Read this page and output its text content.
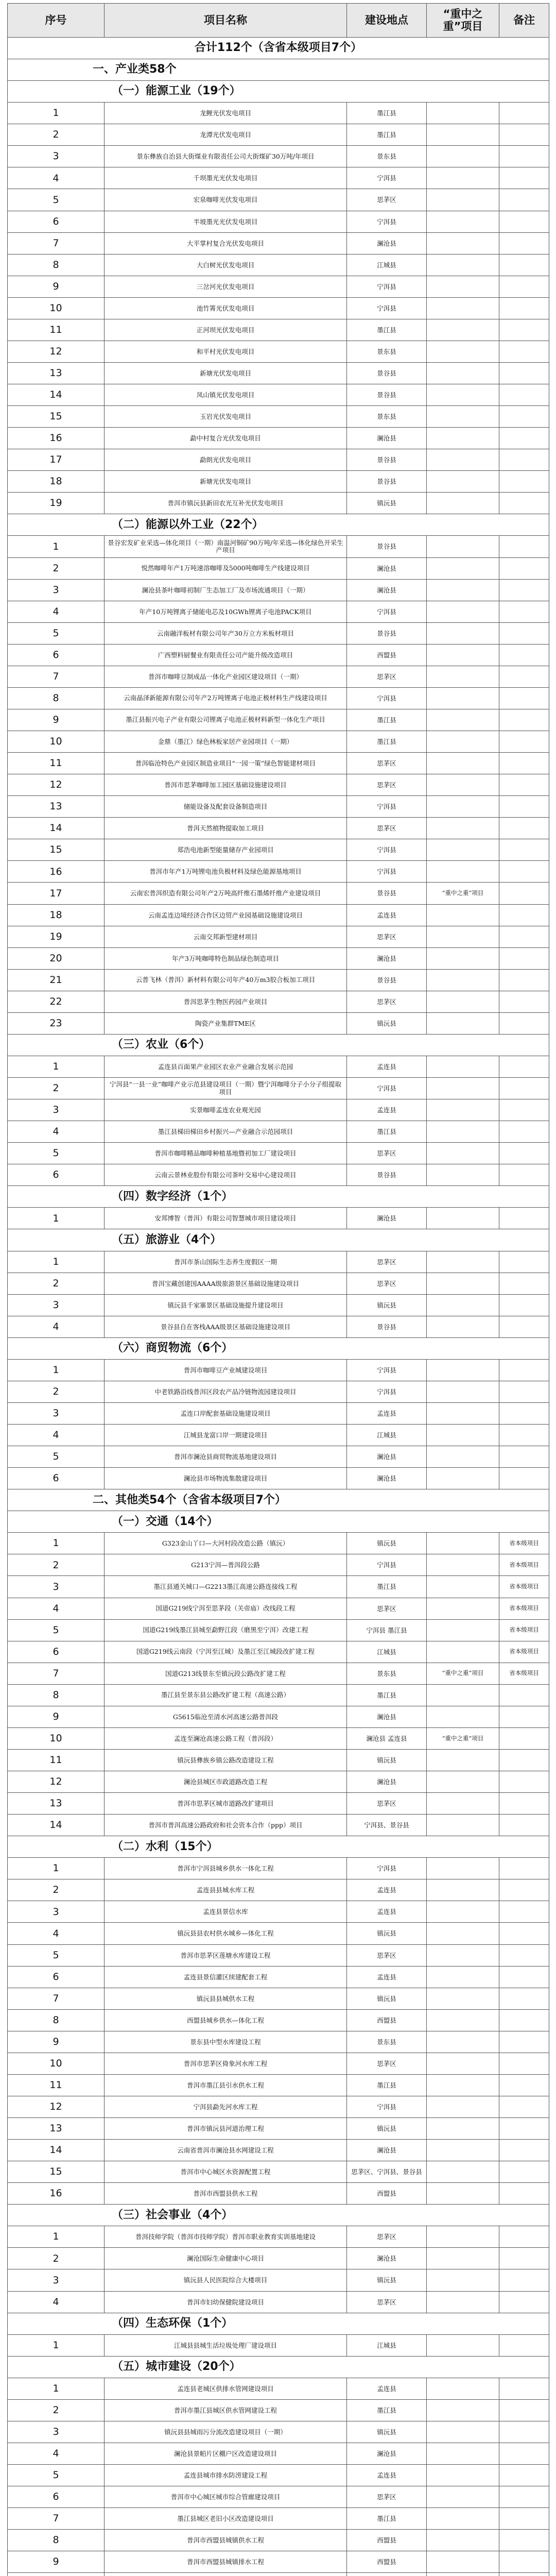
序号	项目名称	建设地点	“重中之重”项目	备注
合计112个（含省本级项目7个）				
一、产业类58个				
（一）能源工业（19个）				
1	龙鲤光伏发电项目	墨江县		
2	龙潭光伏发电项目	墨江县		
3	景东彝族自治县大街煤业有限责任公司大街煤矿30万吨/年项目	景东县		
4	千坝墨光光伏发电项目	宁洱县		
5	宏泉咖啡光伏发电项目	思茅区		
6	半坡墨光光伏发电项目	宁洱县		
7	大平掌村复合光伏发电项目	澜沧县		
8	大白树光伏发电项目	江城县		
9	三岔河光伏发电项目	宁洱县		
10	池竹箐光伏发电项目	宁洱县		
11	正河坝光伏发电项目	墨江县		
12	和平村光伏发电项目	景东县		
13	新塘光伏发电项目	景谷县		
14	凤山镇光伏发电项目	景谷县		
15	玉岩光伏发电项目	景东县		
16	勐中村复合光伏发电项目	澜沧县		
17	勐朗光伏发电项目	景谷县		
18	新塘光伏发电项目	景谷县		
19	普洱市镇沅县新田农光互补光伏发电项目	镇沅县		
（二）能源以外工业（22个）				
1	景谷宏发矿业采选—体化项目（一期）南温河铜矿90万吨/年采选—体化绿色开采生产项目	景谷县		
2	悦然咖啡年产1万吨速溶咖啡及5000吨咖啡生产线建设项目	澜沧县		
3	澜沧县茶叶咖啡初制厂生态加工厂及市场流通项目（一期）	澜沧县		
4	年产10万吨锂离子储能电芯及10GWh锂离子电池PACK项目	宁洱县		
5	云南融洋板材有限公司年产30万立方米板材项目	景谷县		
6	广西塑料厨餐业有限责任公司产能升级改造项目	西盟县		
7	普洱市咖啡豆制成品一体化产业园区建设项目（一期）	思茅区		
8	云南晶泽新能源有限公司年产2万吨锂离子电池正极材料生产线建设项目	宁洱县		
9	墨江县振兴电子产业有限公司锂离子电池正极材料新型一体化生产项目	墨江县		
10	金鼎（墨江）绿色林板家居产业园项目（一期）	墨江县		
11	普洱临沧特色产业园区制造业项目“一园一策”绿色智能建材项目	思茅区		
12	普洱市思茅咖啡加工园区基础设施建设项目	思茅区		
13	储能设备及配套设备制造项目	宁洱县		
14	普洱天然植物提取加工项目	思茅区		
15	郑浩电池新型能量储存产业园项目	宁洱县		
16	普洱市年产1万吨锂电池负极材料及绿色能源基地项目	宁洱县		
17	云南宏普洱织造有限公司年产2万吨高纤维石墨烯纤维产业建设项目	景谷县	“重中之重”项目	
18	云南孟连边境经济合作区边贸产业园基础设施建设项目	孟连县		
19	云南交邦新型建材项目	思茅区		
20	年产3万吨咖啡特色制品绿色制造项目	澜沧县		
21	云普飞林（普洱）新材料有限公司年产40万m3胶合板加工项目	景谷县		
22	普洱思茅生物医药园产业项目	思茅区		
23	陶瓷产业集群TME区	镇沅县		
（三）农业（6个）				
1	孟连县百面果产业园区农业产业融合发展示范园	孟连县		
2	宁洱县“一县一业”咖啡产业示范县建设项目（一期）暨宁洱咖啡分子小分子组提取项目	宁洱县		
3	实景咖啡孟连农业观光园	孟连县		
4	墨江县梯田梯田乡村振兴—产业融合示范园项目	墨江县		
5	普洱市咖啡精品咖啡种植基地暨初加工厂建设项目	思茅区		
6	云南云景林业股份有限公司茶叶交易中心建设项目	景谷县		
（四）数字经济（1个）				
1	安邦博智（普洱）有限公司智慧城市项目建设项目	澜沧县		
（五）旅游业（4个）				
1	普洱市茶山国际生态养生度假区一期	思茅区		
2	普洱宝藏创建国AAAA级旅游景区基础设施建设项目	思茅区		
3	镇沅县千家寨景区基础设施提升建设项目	镇沅县		
4	景谷县自在客栈AAA级景区基础设施建设项目	景谷县		
（六）商贸物流（6个）				
1	普洱市咖啡豆产业城建设项目	宁洱县		
2	中老铁路沿线普洱区段农产品冷链物流园建设项目	宁洱县		
3	孟连口岸配套基础设施建设项目	孟连县		
4	江城县龙富口岸一期建设项目	江城县		
5	普洱市澜沧县商贸物流基地建设项目	澜沧县		
6	澜沧县市场物流集散建设项目	澜沧县		
二、其他类54个（含省本级项目7个）				
（一）交通（14个）				
1	G323金山丫口—大河村段改造公路（镇沅）	镇沅县		省本级项目
2	G213宁洱—普洱段公路	宁洱县		省本级项目
3	墨江县通关城口—G2213墨江高速公路连接线工程	墨江县		省本级项目
4	国道G219线宁洱至思茅段（关帝庙）改线段工程	思茅区		省本级项目
5	国道G219线墨江县城至勐野江段（磨黑至宁洱）改建工程	宁洱县 墨江县		省本级项目
6	国道G219线云南段（宁洱至江城）及墨江至江城段改扩建工程	江城县		省本级项目
7	国道G213线景东至镇沅段公路改扩建工程	景东县	“重中之重”项目	省本级项目
8	墨江县至景东县公路改扩建工程（高速公路）	墨江县		
9	G5615临沧至清水河高速公路普洱段	澜沧县		
10	孟连至澜沧高速公路工程（普洱段）	澜沧县 孟连县	“重中之重”项目	
11	镇沅县彝族乡镇公路改造建设工程	镇沅县		
12	澜沧县城区市政道路改造工程	澜沧县		
13	普洱市思茅区城市道路改扩建项目	思茅区		
14	普洱市普洱高速公路政府和社会资本合作（ppp）项目	宁洱县、景谷县		
（二）水利（15个）				
1	普洱市宁洱县城乡供水一体化工程	宁洱县		
2	孟连县县城水库工程	孟连县		
3	孟连县景信水库	孟连县		
4	镇沅县县农村供水城乡—体化工程	镇沅县		
5	普洱市思茅区莲塘水库建设工程	思茅区		
6	孟连县景信灌区续建配套工程	孟连县		
7	镇沅县县城供水工程	镇沅县		
8	西盟县城乡供水—体化工程	西盟县		
9	景东县中型水库建设工程	景东县		
10	普洱市思茅区倚象河水库工程	思茅区		
11	普洱市墨江县引水供水工程	墨江县		
12	宁洱县勐先河水库工程	宁洱县		
13	普洱市镇沅县河道治理工程	镇沅县		
14	云南省普洱市澜沧县水网建设工程	澜沧县		
15	普洱市中心城区水资源配置工程	思茅区、宁洱县、景谷县		
16	普洱市西盟县供水工程	西盟县		
（三）社会事业（4个）				
1	普洱技师学院（普洱市技师学院）普洱市职业教育实训基地建设	思茅区		
2	澜沧国际生命健康中心项目	澜沧县		
3	镇沅县人民医院综合大楼项目	镇沅县		
4	普洱市妇幼保健院建设项目	思茅区		
（四）生态环保（1个）				
1	江城县县城生活垃圾处理厂建设项目	江城县		
（五）城市建设（20个）				
1	孟连县老城区供排水管网建设项目	孟连县		
2	普洱市墨江县城区供水管网建设工程	墨江县		
3	镇沅县县城雨污分流改造建设项目（一期）	镇沅县		
4	澜沧县景帕片区棚户区改造建设项目	澜沧县		
5	孟连县城市排水防涝建设工程	孟连县		
6	普洱市中心城区城市综合管廊建设项目	思茅区		
7	墨江县城区老旧小区改造建设项目	墨江县		
8	普洱市西盟县城镇供水工程	西盟县		
9	普洱市西盟县城镇排水工程	西盟县		
